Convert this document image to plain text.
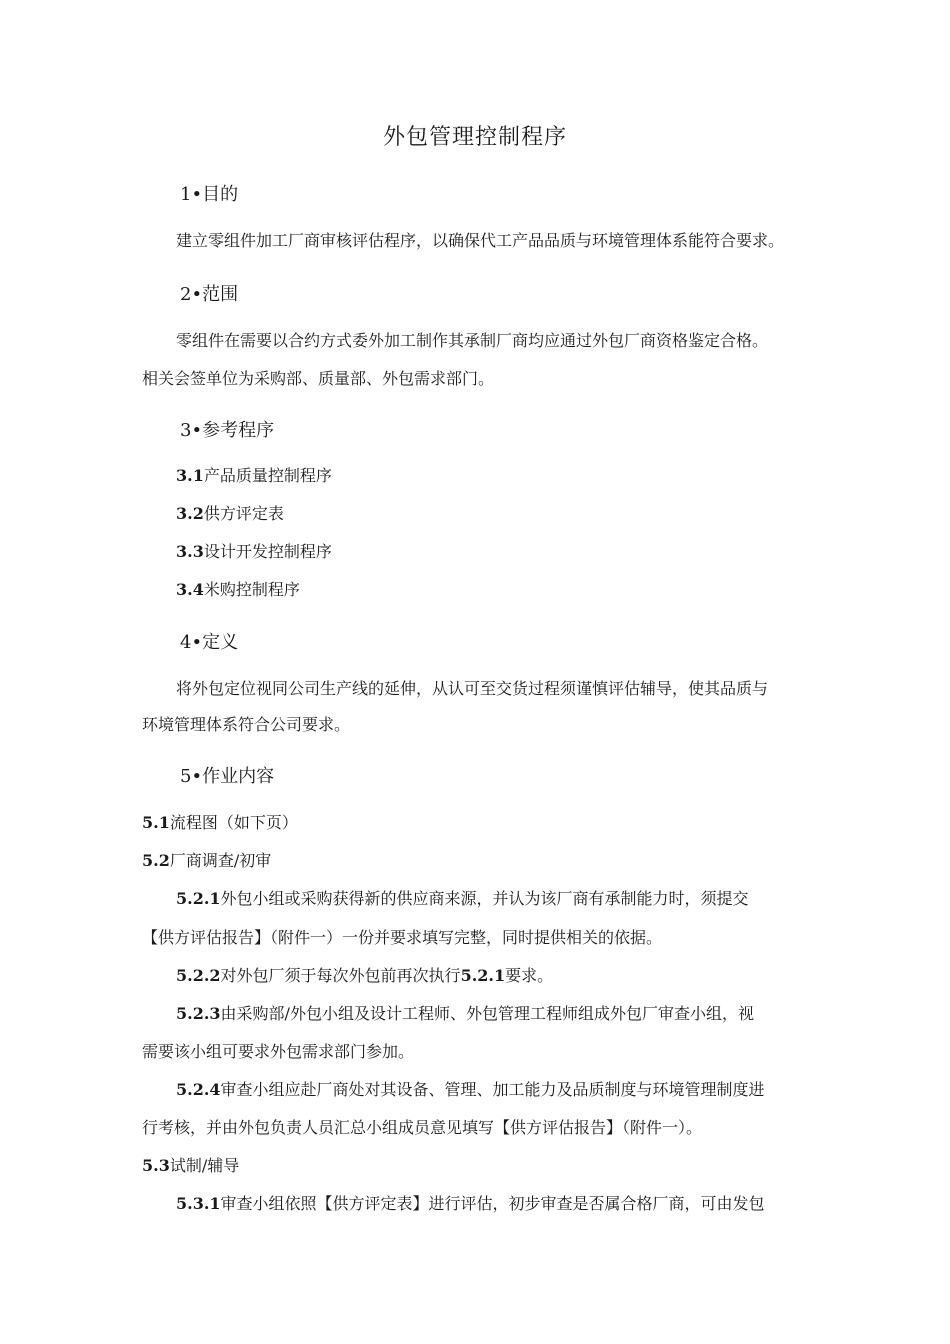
外包管理控制程序
1•目的
建立零组件加工厂商审核评估程序，以确保代工产品品质与环境管理体系能符合要求。
2•范围
零组件在需要以合约方式委外加工制作其承制厂商均应通过外包厂商资格鉴定合格。
相关会签单位为采购部、质量部、外包需求部门。
3•参考程序
3.1产品质量控制程序
3.2供方评定表
3.3设计开发控制程序
3.4米购控制程序
4•定义
将外包定位视同公司生产线的延伸，从认可至交货过程须谨慎评估辅导，使其品质与
环境管理体系符合公司要求。
5•作业内容
5.1流程图（如下页）
5.2厂商调查/初审
5.2.1外包小组或采购获得新的供应商来源，并认为该厂商有承制能力时，须提交
【供方评估报告】（附件一）一份并要求填写完整，同时提供相关的依据。
5.2.2对外包厂须于每次外包前再次执行5.2.1要求。
5.2.3由采购部/外包小组及设计工程师、外包管理工程师组成外包厂审查小组，视
需要该小组可要求外包需求部门参加。
5.2.4审查小组应赴厂商处对其设备、管理、加工能力及品质制度与环境管理制度进
行考核，并由外包负责人员汇总小组成员意见填写【供方评估报告】（附件一）。
5.3试制/辅导
5.3.1审查小组依照【供方评定表】进行评估，初步审查是否属合格厂商，可由发包
